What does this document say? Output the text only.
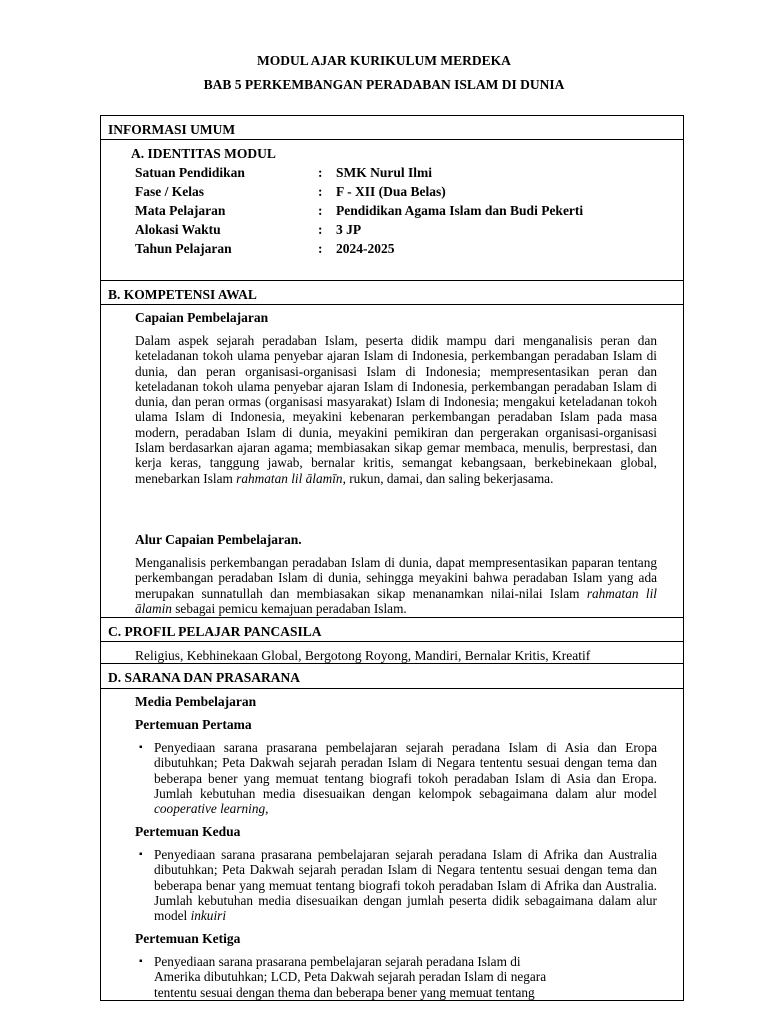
MODUL AJAR KURIKULUM MERDEKA
BAB 5 PERKEMBANGAN PERADABAN ISLAM DI DUNIA
INFORMASI UMUM
A. IDENTITAS MODUL
Satuan Pendidikan	: SMK Nurul Ilmi
Fase / Kelas	: F - XII (Dua Belas)
Mata Pelajaran	: Pendidikan Agama Islam dan Budi Pekerti
Alokasi Waktu	: 3 JP
Tahun Pelajaran	: 2024-2025
B. KOMPETENSI AWAL
Capaian Pembelajaran
Dalam aspek sejarah peradaban Islam, peserta didik mampu dari menganalisis peran dan keteladanan tokoh ulama penyebar ajaran Islam di Indonesia, perkembangan peradaban Islam di dunia, dan peran organisasi-organisasi Islam di Indonesia; mempresentasikan peran dan keteladanan tokoh ulama penyebar ajaran Islam di Indonesia, perkembangan peradaban Islam di dunia, dan peran ormas (organisasi masyarakat) Islam di Indonesia; mengakui keteladanan tokoh ulama Islam di Indonesia, meyakini kebenaran perkembangan peradaban Islam pada masa modern, peradaban Islam di dunia, meyakini pemikiran dan pergerakan organisasi-organisasi Islam berdasarkan ajaran agama; membiasakan sikap gemar membaca, menulis, berprestasi, dan kerja keras, tanggung jawab, bernalar kritis, semangat kebangsaan, berkebinekaan global, menebarkan Islam rahmatan lil ālamīn, rukun, damai, dan saling bekerjasama.
Alur Capaian Pembelajaran.
Menganalisis perkembangan peradaban Islam di dunia, dapat mempresentasikan paparan tentang perkembangan peradaban Islam di dunia, sehingga meyakini bahwa peradaban Islam yang ada merupakan sunnatullah dan membiasakan sikap menanamkan nilai-nilai Islam rahmatan lil ālamin sebagai pemicu kemajuan peradaban Islam.
C. PROFIL PELAJAR PANCASILA
Religius, Kebhinekaan Global, Bergotong Royong, Mandiri, Bernalar Kritis, Kreatif
D. SARANA DAN PRASARANA
Media Pembelajaran
Pertemuan Pertama
▪ Penyediaan sarana prasarana pembelajaran sejarah peradana Islam di Asia dan Eropa dibutuhkan; Peta Dakwah sejarah peradan Islam di Negara tententu sesuai dengan tema dan beberapa bener yang memuat tentang biografi tokoh peradaban Islam di Asia dan Eropa. Jumlah kebutuhan media disesuaikan dengan kelompok sebagaimana dalam alur model cooperative learning,
Pertemuan Kedua
▪ Penyediaan sarana prasarana pembelajaran sejarah peradana Islam di Afrika dan Australia dibutuhkan; Peta Dakwah sejarah peradan Islam di Negara tententu sesuai dengan tema dan beberapa benar yang memuat tentang biografi tokoh peradaban Islam di Afrika dan Australia. Jumlah kebutuhan media disesuaikan dengan jumlah peserta didik sebagaimana dalam alur model inkuiri
Pertemuan Ketiga
▪ Penyediaan sarana prasarana pembelajaran sejarah peradana Islam di
Amerika dibutuhkan; LCD, Peta Dakwah sejarah peradan Islam di negara
tententu sesuai dengan thema dan beberapa bener yang memuat tentang
